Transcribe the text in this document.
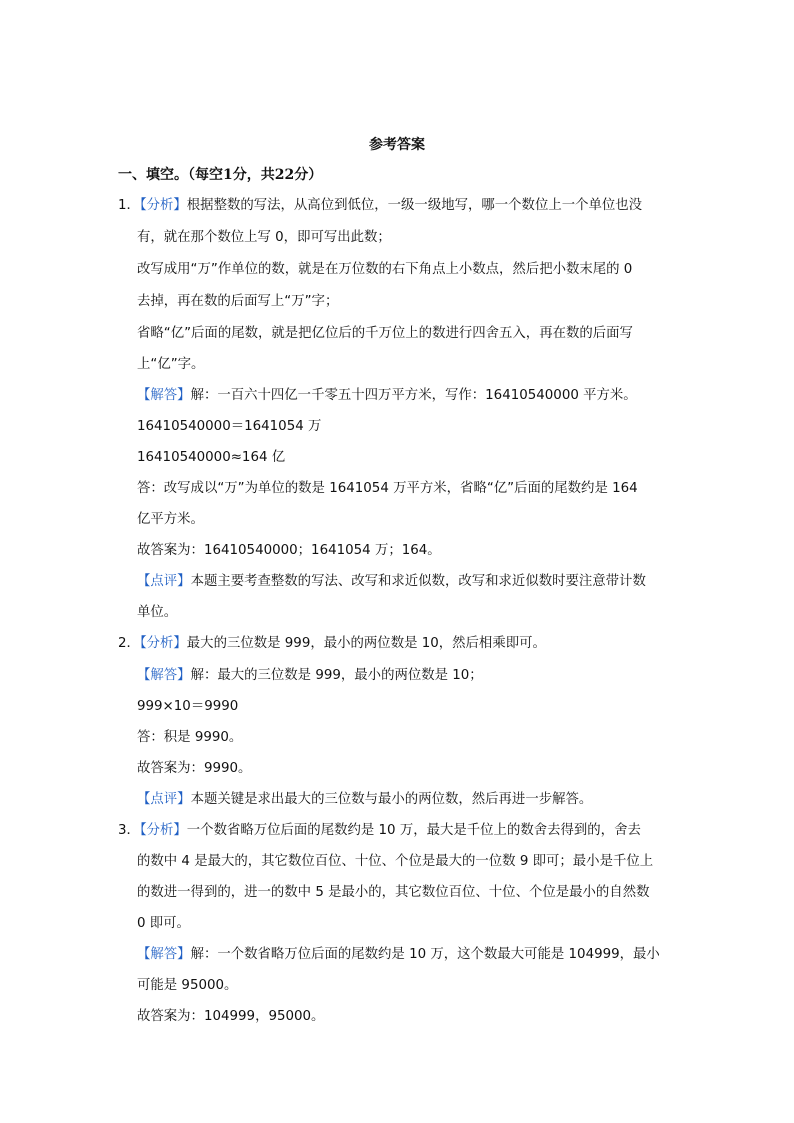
参考答案
一、填空。（每空1分，共22分）
1．【分析】根据整数的写法，从高位到低位，一级一级地写，哪一个数位上一个单位也没
有，就在那个数位上写 0，即可写出此数；
改写成用“万”作单位的数，就是在万位数的右下角点上小数点，然后把小数末尾的 0
去掉，再在数的后面写上“万”字；
省略“亿”后面的尾数，就是把亿位后的千万位上的数进行四舍五入，再在数的后面写
上“亿”字。
【解答】解：一百六十四亿一千零五十四万平方米，写作：16410540000 平方米。
16410540000＝1641054 万
16410540000≈164 亿
答：改写成以“万”为单位的数是 1641054 万平方米，省略“亿”后面的尾数约是 164
亿平方米。
故答案为：16410540000；1641054 万；164。
【点评】本题主要考查整数的写法、改写和求近似数，改写和求近似数时要注意带计数
单位。
2．【分析】最大的三位数是 999，最小的两位数是 10，然后相乘即可。
【解答】解：最大的三位数是 999，最小的两位数是 10；
999×10＝9990
答：积是 9990。
故答案为：9990。
【点评】本题关键是求出最大的三位数与最小的两位数，然后再进一步解答。
3．【分析】一个数省略万位后面的尾数约是 10 万，最大是千位上的数舍去得到的，舍去
的数中 4 是最大的，其它数位百位、十位、个位是最大的一位数 9 即可；最小是千位上
的数进一得到的，进一的数中 5 是最小的，其它数位百位、十位、个位是最小的自然数
0 即可。
【解答】解：一个数省略万位后面的尾数约是 10 万，这个数最大可能是 104999，最小
可能是 95000。
故答案为：104999，95000。
